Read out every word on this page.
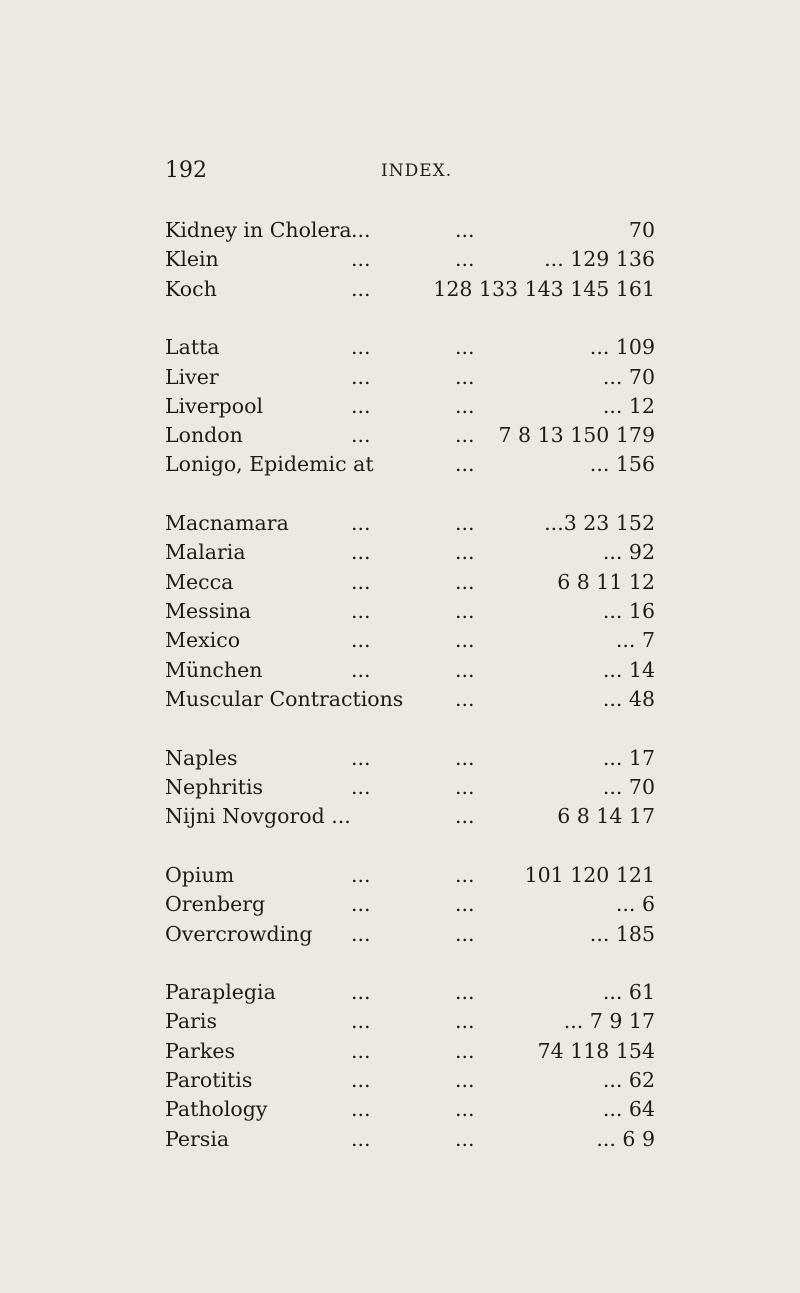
192	INDEX.
Kidney in Cholera ...	...	70
Klein	...	...	... 129 136
Koch	...	128 133 143 145 161
Latta	...	...	... 109
Liver	...	...	... 70
Liverpool	...	...	... 12
London	...	... 7 8 13 150 179
Lonigo, Epidemic at	...	... 156
Macnamara	...	...	...3 23 152
Malaria	...	...	... 92
Mecca	...	...	6 8 11 12
Messina	...	...	... 16
Mexico	...	...	... 7
München	...	...	... 14
Muscular Contractions	...	... 48
Naples	...	...	... 17
Nephritis	...	...	... 70
Nijni Novgorod ...	...	6 8 14 17
Opium	...	... 101 120 121
Orenberg	...	...	... 6
Overcrowding ...	...	... 185
Paraplegia	...	...	... 61
Paris	...	...	... 7 9 17
Parkes	...	...	74 118 154
Parotitis	...	...	... 62
Pathology	...	...	... 64
Persia	...	...	... 6 9
